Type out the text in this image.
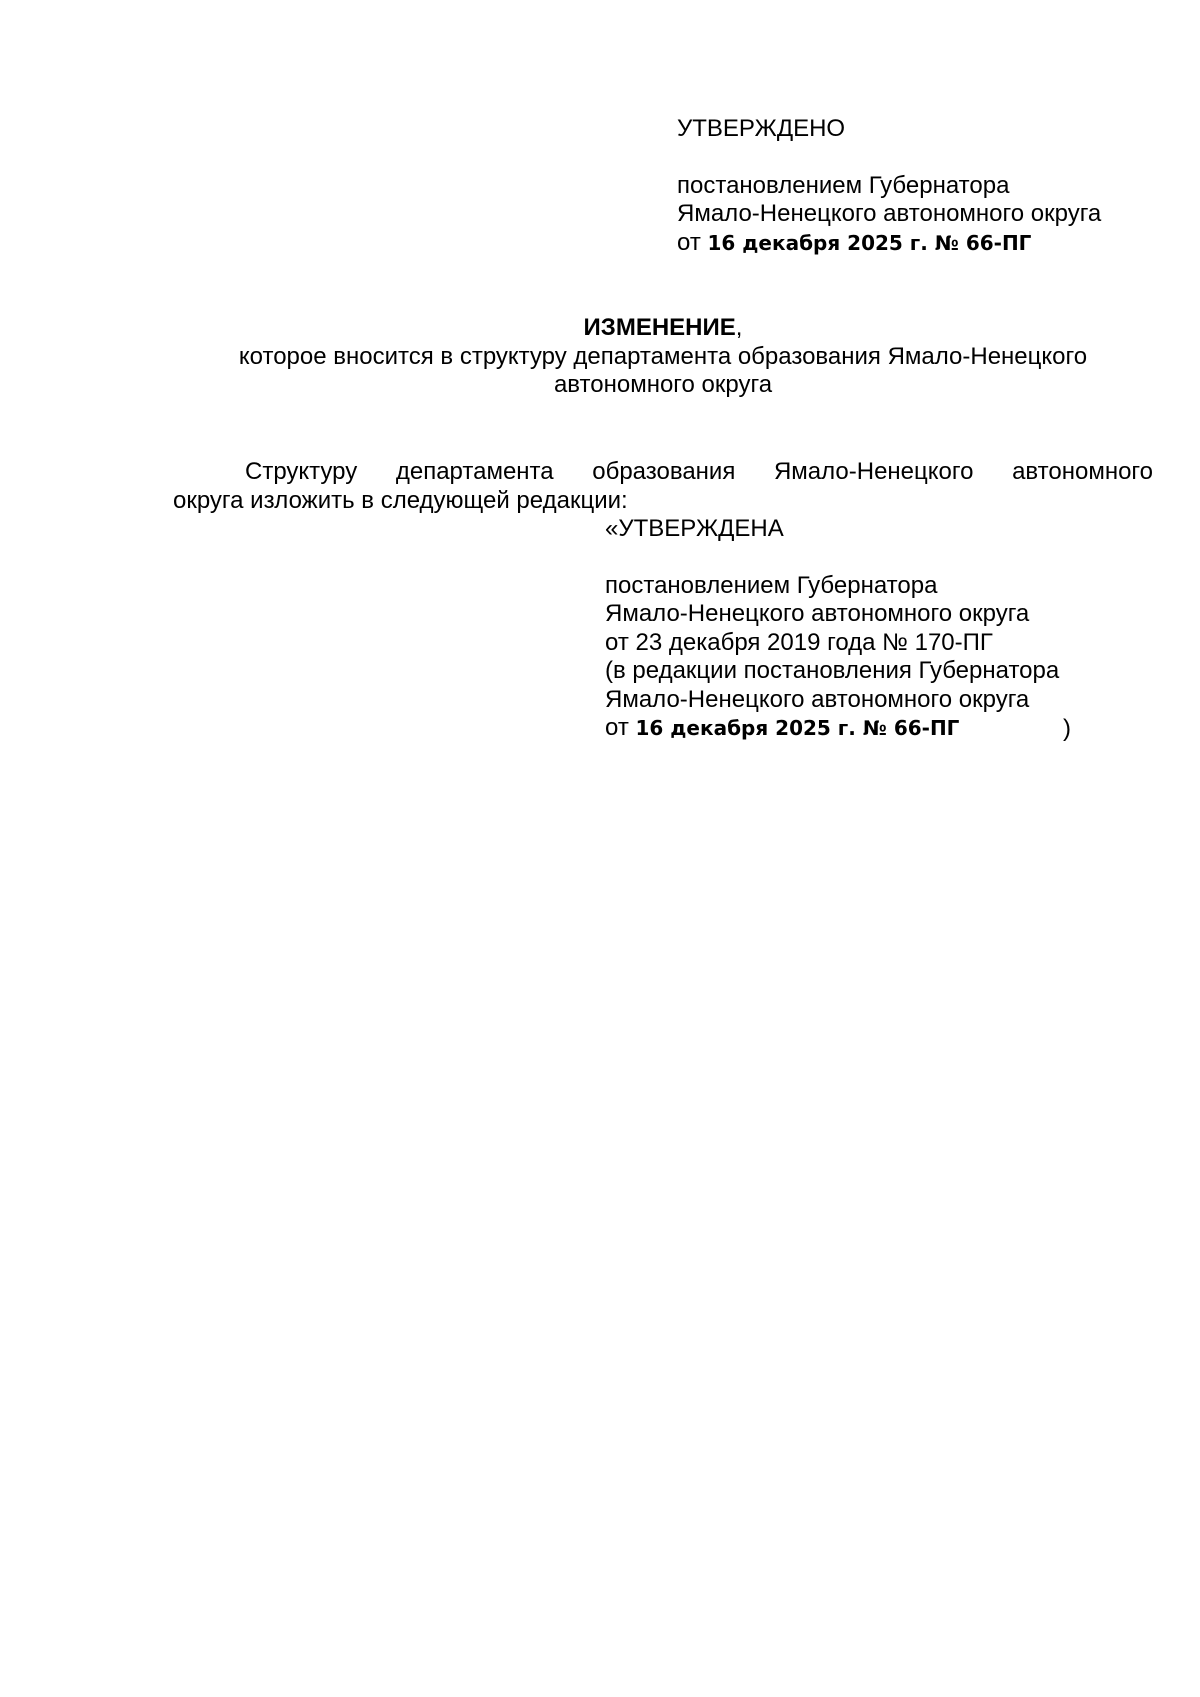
УТВЕРЖДЕНО
постановлением Губернатора
Ямало-Ненецкого автономного округа
от 16 декабря 2025 г. № 66-ПГ
ИЗМЕНЕНИЕ,
которое вносится в структуру департамента образования Ямало-Ненецкого
автономного округа
Структуру департамента образования Ямало-Ненецкого автономного
округа изложить в следующей редакции:
«УТВЕРЖДЕНА
постановлением Губернатора
Ямало-Ненецкого автономного округа
от 23 декабря 2019 года № 170-ПГ
(в редакции постановления Губернатора
Ямало-Ненецкого автономного округа
от 16 декабря 2025 г. № 66-ПГ	)
